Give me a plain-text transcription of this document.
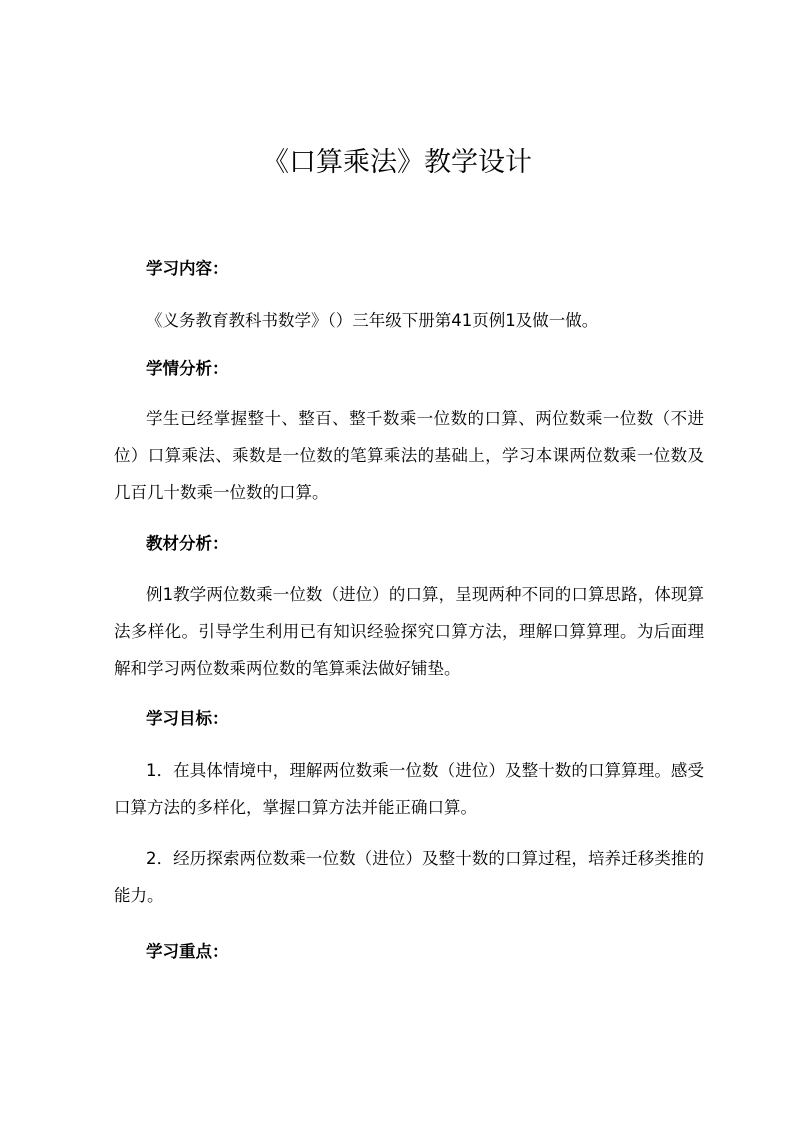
《口算乘法》教学设计
学习内容：
《义务教育教科书数学》（）三年级下册第41页例1及做一做。
学情分析：
学生已经掌握整十、整百、整千数乘一位数的口算、两位数乘一位数（不进位）口算乘法、乘数是一位数的笔算乘法的基础上，学习本课两位数乘一位数及几百几十数乘一位数的口算。
教材分析：
例1教学两位数乘一位数（进位）的口算，呈现两种不同的口算思路，体现算法多样化。引导学生利用已有知识经验探究口算方法，理解口算算理。为后面理解和学习两位数乘两位数的笔算乘法做好铺垫。
学习目标：
1．在具体情境中，理解两位数乘一位数（进位）及整十数的口算算理。感受口算方法的多样化，掌握口算方法并能正确口算。
2．经历探索两位数乘一位数（进位）及整十数的口算过程，培养迁移类推的能力。
学习重点：
